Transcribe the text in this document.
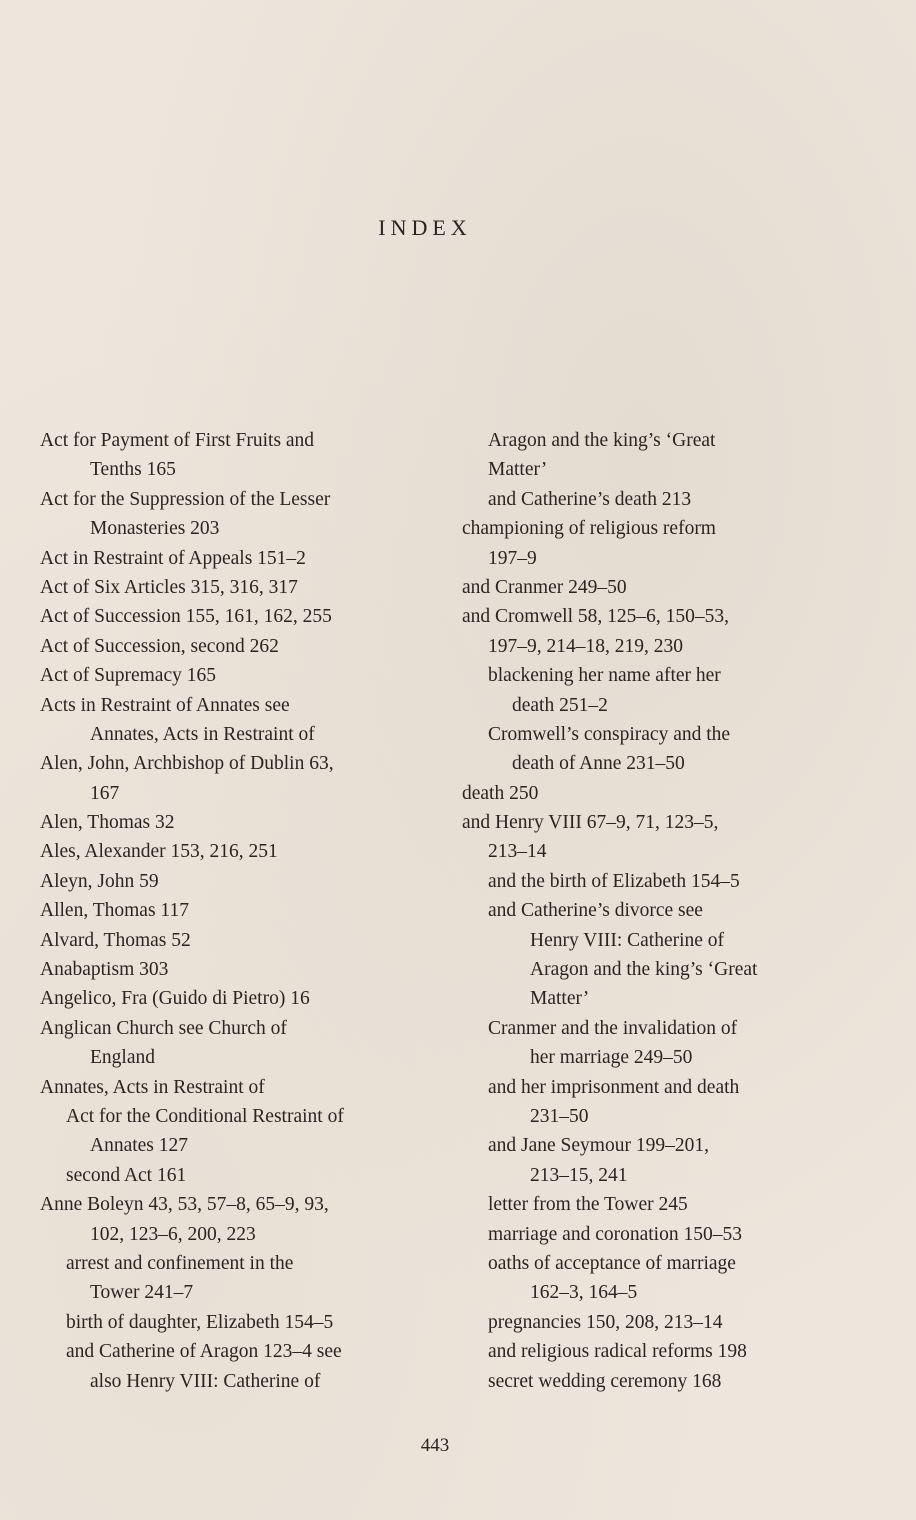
INDEX
Act for Payment of First Fruits and
Tenths 165
Act for the Suppression of the Lesser
Monasteries 203
Act in Restraint of Appeals 151–2
Act of Six Articles 315, 316, 317
Act of Succession 155, 161, 162, 255
Act of Succession, second 262
Act of Supremacy 165
Acts in Restraint of Annates see
Annates, Acts in Restraint of
Alen, John, Archbishop of Dublin 63,
167
Alen, Thomas 32
Ales, Alexander 153, 216, 251
Aleyn, John 59
Allen, Thomas 117
Alvard, Thomas 52
Anabaptism 303
Angelico, Fra (Guido di Pietro) 16
Anglican Church see Church of
England
Annates, Acts in Restraint of
Act for the Conditional Restraint of
Annates 127
second Act 161
Anne Boleyn 43, 53, 57–8, 65–9, 93,
102, 123–6, 200, 223
arrest and confinement in the
Tower 241–7
birth of daughter, Elizabeth 154–5
and Catherine of Aragon 123–4 see
also Henry VIII: Catherine of
Aragon and the king’s ‘Great
Matter’
and Catherine’s death 213
championing of religious reform
197–9
and Cranmer 249–50
and Cromwell 58, 125–6, 150–53,
197–9, 214–18, 219, 230
blackening her name after her
death 251–2
Cromwell’s conspiracy and the
death of Anne 231–50
death 250
and Henry VIII 67–9, 71, 123–5,
213–14
and the birth of Elizabeth 154–5
and Catherine’s divorce see
Henry VIII: Catherine of
Aragon and the king’s ‘Great
Matter’
Cranmer and the invalidation of
her marriage 249–50
and her imprisonment and death
231–50
and Jane Seymour 199–201,
213–15, 241
letter from the Tower 245
marriage and coronation 150–53
oaths of acceptance of marriage
162–3, 164–5
pregnancies 150, 208, 213–14
and religious radical reforms 198
secret wedding ceremony 168
443
